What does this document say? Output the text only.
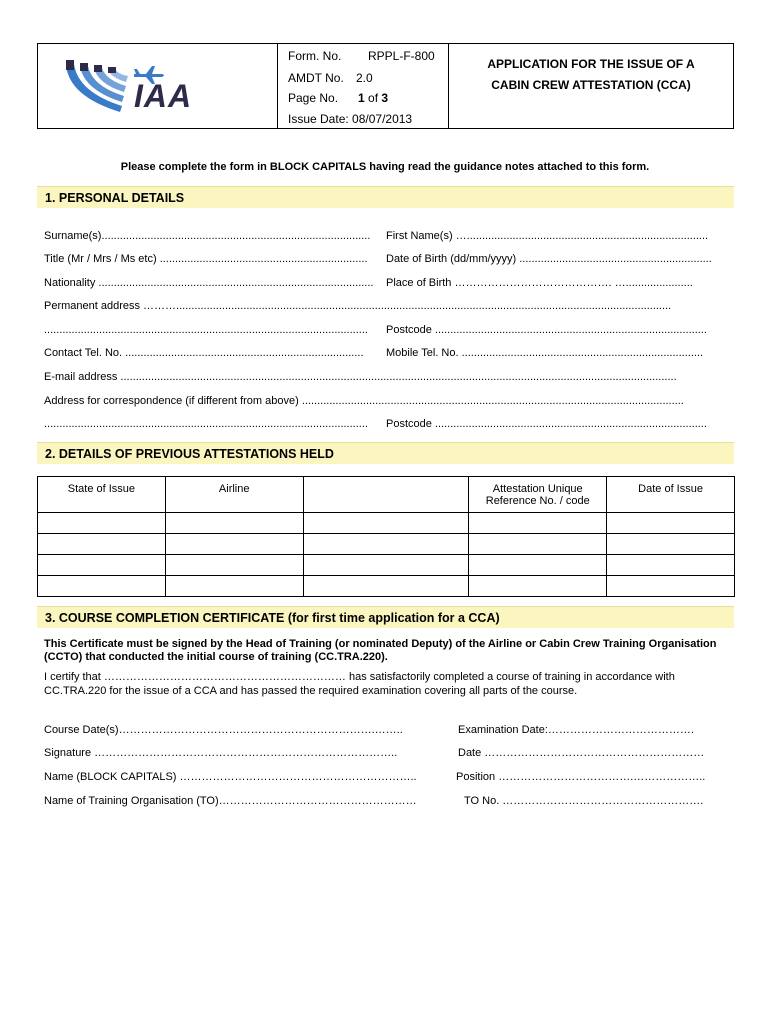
IAA
Form. No. RPPL-F-800
AMDT No. 2.0
Page No. 1 of 3
Issue Date: 08/07/2013
APPLICATION FOR THE ISSUE OF A
CABIN CREW ATTESTATION (CCA)
Please complete the form in BLOCK CAPITALS having read the guidance notes attached to this form.
1. PERSONAL DETAILS
Surname(s)........................................................................................ First Name(s) …...............................................................................
Title (Mr / Mrs / Ms etc) .................................................................... Date of Birth (dd/mm/yyyy) ...............................................................
Nationality .......................................................................................... Place of Birth ……………………………………. …......................
Permanent address ………..................................................................................................................................................................
.......................................................................................................... Postcode .........................................................................................
Contact Tel. No. .............................................................................. Mobile Tel. No. ...............................................................................
E-mail address ......................................................................................................................................................................................
Address for correspondence (if different from above) .............................................................................................................................
.......................................................................................................... Postcode .........................................................................................
2. DETAILS OF PREVIOUS ATTESTATIONS HELD
State of Issue	Airline		Attestation Unique Reference No. / code	Date of Issue

3. COURSE COMPLETION CERTIFICATE (for first time application for a CCA)
This Certificate must be signed by the Head of Training (or nominated Deputy) of the Airline or Cabin Crew Training Organisation (CCTO) that conducted the initial course of training (CC.TRA.220).
I certify that ………………………………………………………… has satisfactorily completed a course of training in accordance with
CC.TRA.220 for the issue of a CCA and has passed the required examination covering all parts of the course.
Course Date(s)…………………………………………………………….……..	Examination Date:………………………………….
Signature ………………………………………………………………………..	Date ……………………………………………………
Name (BLOCK CAPITALS) ………………………………………………………..	Position ……………………………….………………..
Name of Training Organisation (TO)………………………………………………	TO No. ……………………………………………….
